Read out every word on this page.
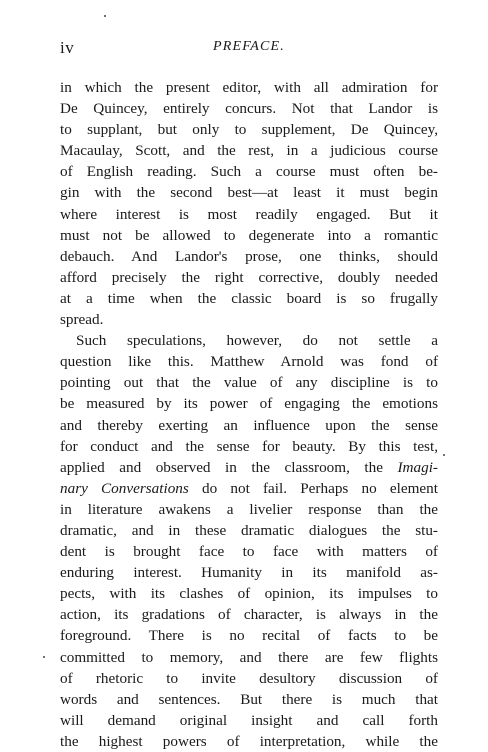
iv	PREFACE.
in which the present editor, with all admiration for
De Quincey, entirely concurs. Not that Landor is
to supplant, but only to supplement, De Quincey,
Macaulay, Scott, and the rest, in a judicious course
of English reading. Such a course must often be-
gin with the second best—at least it must begin
where interest is most readily engaged. But it
must not be allowed to degenerate into a romantic
debauch. And Landor's prose, one thinks, should
afford precisely the right corrective, doubly needed
at a time when the classic board is so frugally
spread.
Such speculations, however, do not settle a
question like this. Matthew Arnold was fond of
pointing out that the value of any discipline is to
be measured by its power of engaging the emotions
and thereby exerting an influence upon the sense
for conduct and the sense for beauty. By this test,
applied and observed in the classroom, the Imagi-
nary Conversations do not fail. Perhaps no element
in literature awakens a livelier response than the
dramatic, and in these dramatic dialogues the stu-
dent is brought face to face with matters of
enduring interest. Humanity in its manifold as-
pects, with its clashes of opinion, its impulses to
action, its gradations of character, is always in the
foreground. There is no recital of facts to be
committed to memory, and there are few flights
of rhetoric to invite desultory discussion of
words and sentences. But there is much that
will demand original insight and call forth
the highest powers of interpretation, while the
